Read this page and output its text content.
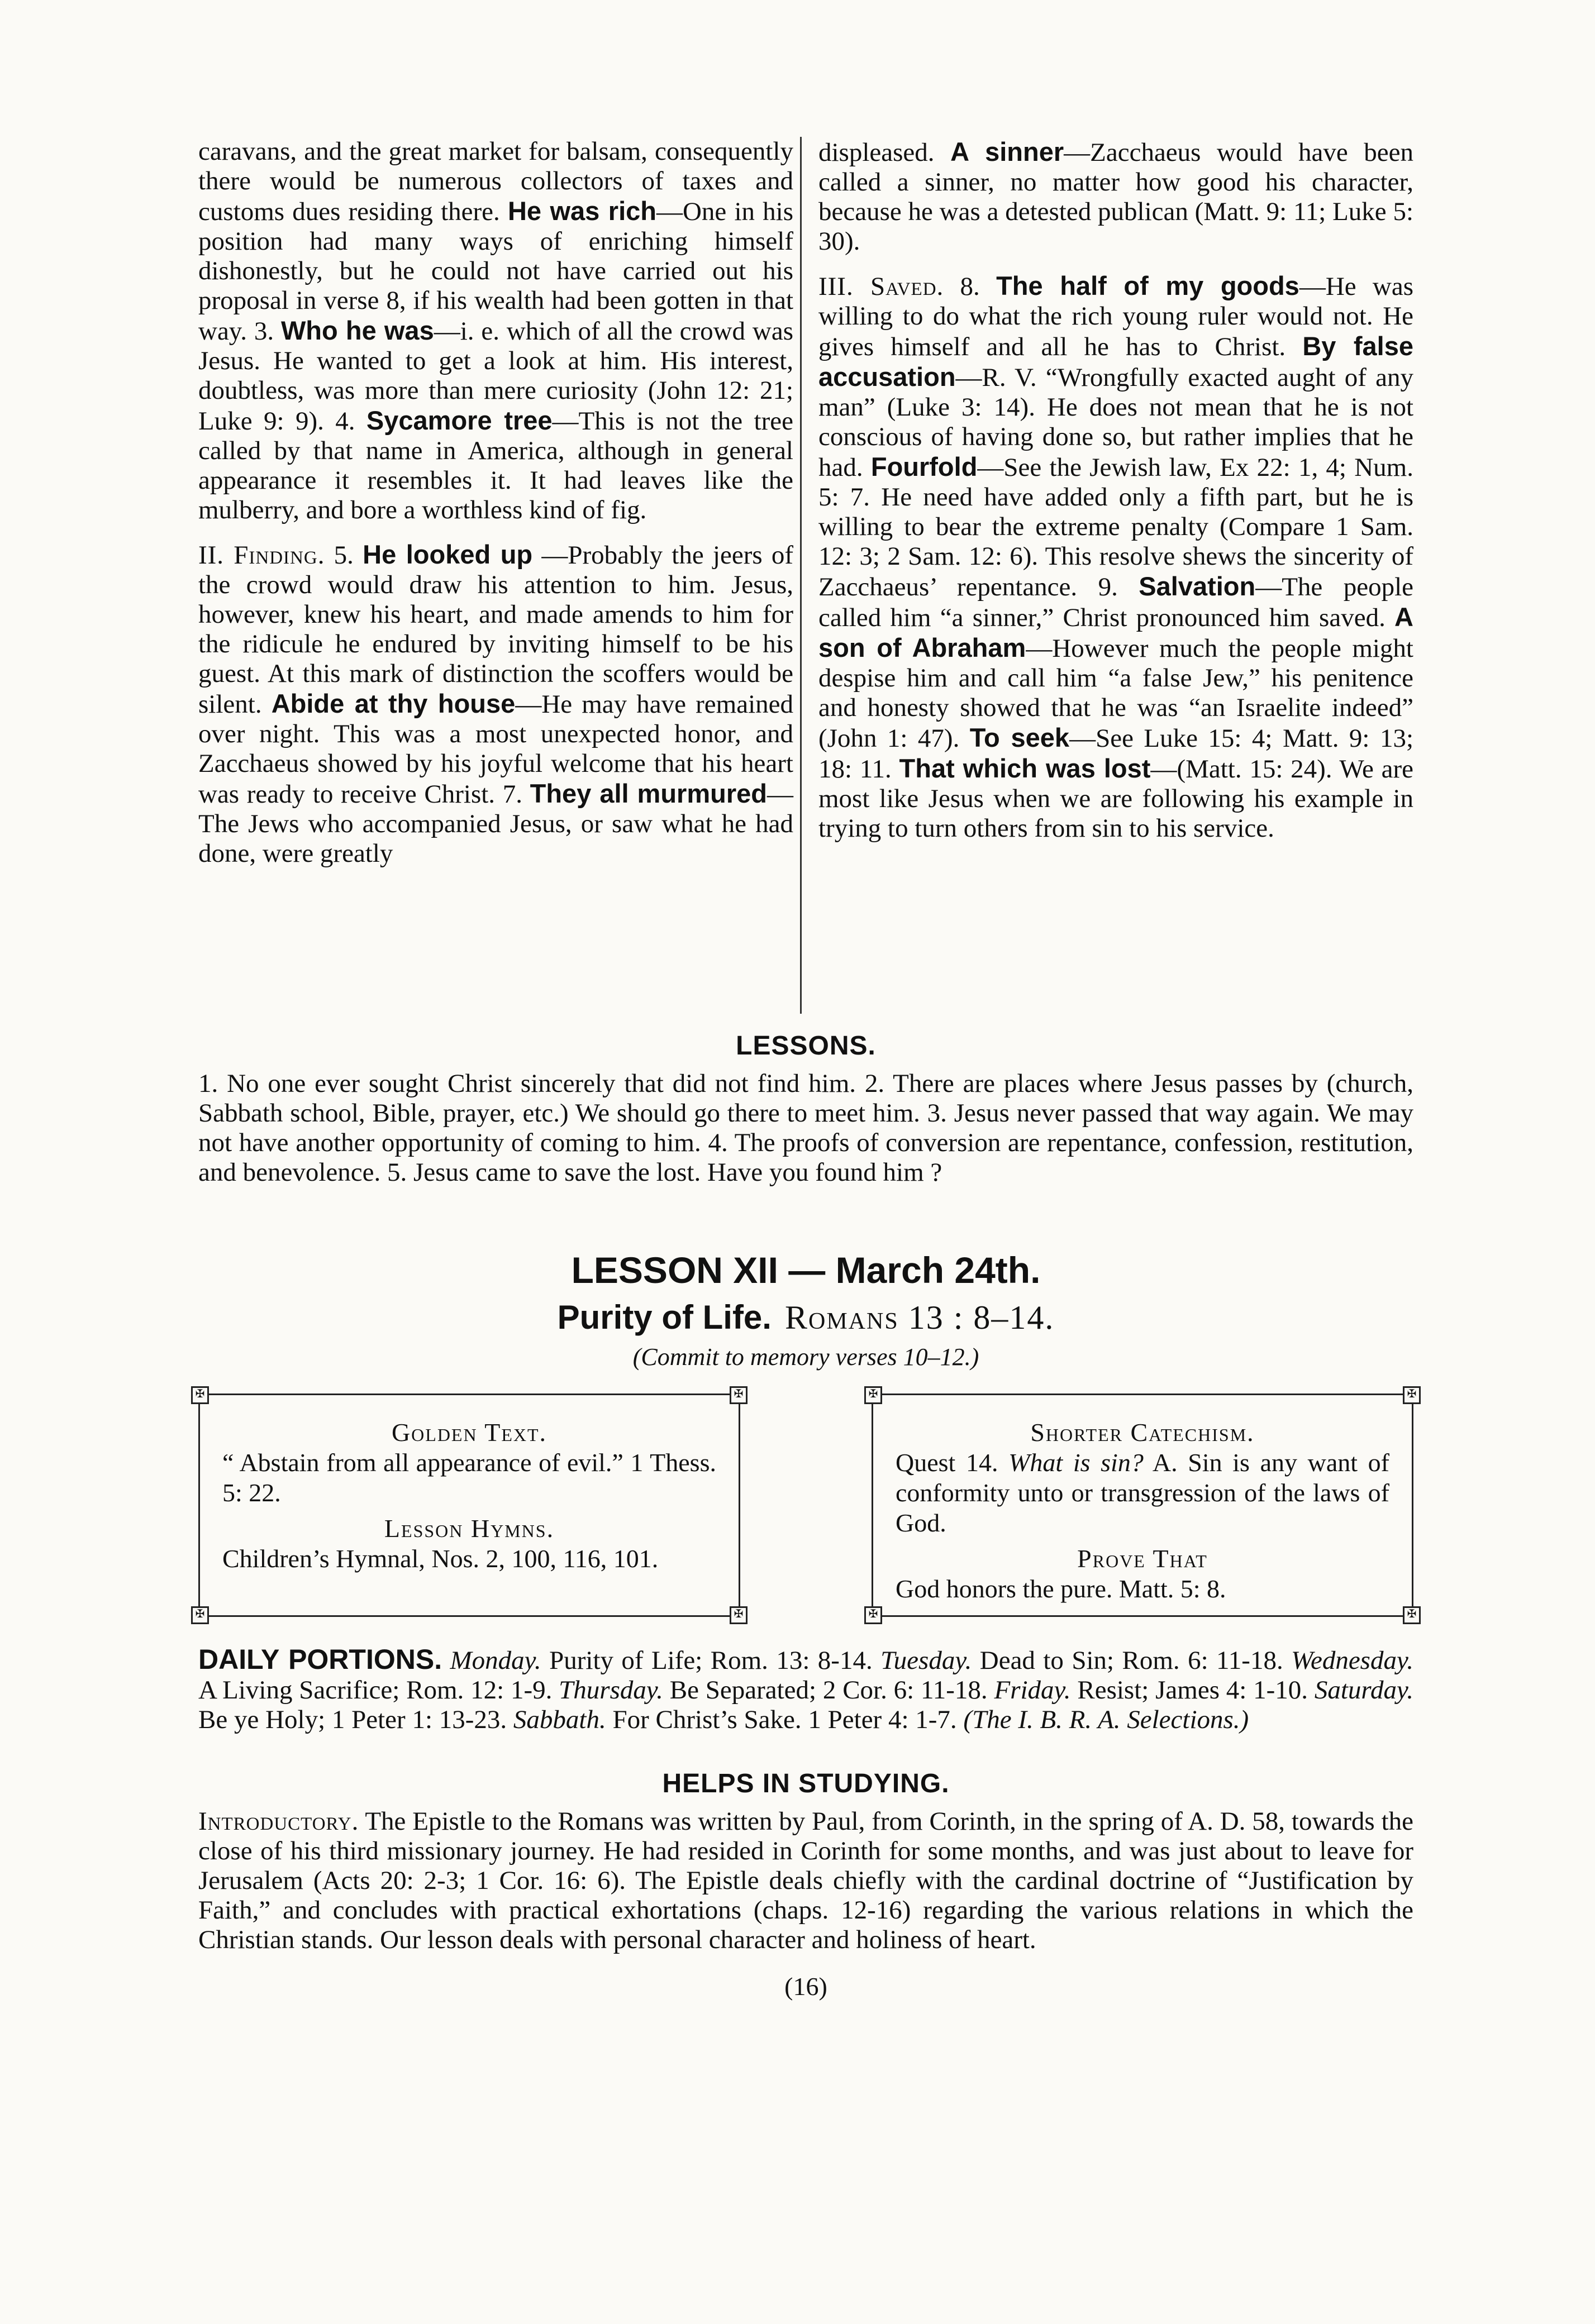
caravans, and the great market for balsam, consequently there would be numerous collectors of taxes and customs dues residing there. He was rich—One in his position had many ways of enriching himself dishonestly, but he could not have carried out his proposal in verse 8, if his wealth had been gotten in that way. 3. Who he was—i. e. which of all the crowd was Jesus. He wanted to get a look at him. His interest, doubtless, was more than mere curiosity (John 12: 21; Luke 9: 9). 4. Sycamore tree—This is not the tree called by that name in America, although in general appearance it resembles it. It had leaves like the mulberry, and bore a worthless kind of fig.

II. Finding. 5. He looked up —Probably the jeers of the crowd would draw his attention to him. Jesus, however, knew his heart, and made amends to him for the ridicule he endured by inviting himself to be his guest. At this mark of distinction the scoffers would be silent. Abide at thy house—He may have remained over night. This was a most unexpected honor, and Zacchaeus showed by his joyful welcome that his heart was ready to receive Christ. 7. They all murmured—The Jews who accompanied Jesus, or saw what he had done, were greatly

displeased. A sinner—Zacchaeus would have been called a sinner, no matter how good his character, because he was a detested publican (Matt. 9: 11; Luke 5: 30).

III. Saved. 8. The half of my goods—He was willing to do what the rich young ruler would not. He gives himself and all he has to Christ. By false accusation—R. V. “Wrongfully exacted aught of any man” (Luke 3: 14). He does not mean that he is not conscious of having done so, but rather implies that he had. Fourfold—See the Jewish law, Ex 22: 1, 4; Num. 5: 7. He need have added only a fifth part, but he is willing to bear the extreme penalty (Compare 1 Sam. 12: 3; 2 Sam. 12: 6). This resolve shews the sincerity of Zacchaeus’ repentance. 9. Salvation—The people called him “a sinner,” Christ pronounced him saved. A son of Abraham—However much the people might despise him and call him “a false Jew,” his penitence and honesty showed that he was “an Israelite indeed” (John 1: 47). To seek—See Luke 15: 4; Matt. 9: 13; 18: 11. That which was lost—(Matt. 15: 24). We are most like Jesus when we are following his example in trying to turn others from sin to his service.

LESSONS.

1. No one ever sought Christ sincerely that did not find him. 2. There are places where Jesus passes by (church, Sabbath school, Bible, prayer, etc.) We should go there to meet him. 3. Jesus never passed that way again. We may not have another opportunity of coming to him. 4. The proofs of conversion are repentance, confession, restitution, and benevolence. 5. Jesus came to save the lost. Have you found him ?

LESSON XII — March 24th.
Purity of Life. Romans 13 : 8–14.
(Commit to memory verses 10–12.)
✠	✠
✠	✠

Golden Text.

“ Abstain from all appearance of evil.” 1 Thess. 5: 22.

Lesson Hymns.

Children’s Hymnal, Nos. 2, 100, 116, 101.

✠	✠
✠	✠

Shorter Catechism.

Quest 14. What is sin? A. Sin is any want of conformity unto or transgression of the laws of God.

Prove That

God honors the pure. Matt. 5: 8.

DAILY PORTIONS. Monday. Purity of Life; Rom. 13: 8-14. Tuesday. Dead to Sin; Rom. 6: 11-18. Wednesday. A Living Sacrifice; Rom. 12: 1-9. Thursday. Be Separated; 2 Cor. 6: 11-18. Friday. Resist; James 4: 1-10. Saturday. Be ye Holy; 1 Peter 1: 13-23. Sabbath. For Christ’s Sake. 1 Peter 4: 1-7. (The I. B. R. A. Selections.)

HELPS IN STUDYING.

Introductory. The Epistle to the Romans was written by Paul, from Corinth, in the spring of A. D. 58, towards the close of his third missionary journey. He had resided in Corinth for some months, and was just about to leave for Jerusalem (Acts 20: 2-3; 1 Cor. 16: 6). The Epistle deals chiefly with the cardinal doctrine of “Justification by Faith,” and concludes with practical exhortations (chaps. 12-16) regarding the various relations in which the Christian stands. Our lesson deals with personal character and holiness of heart.

(16)
